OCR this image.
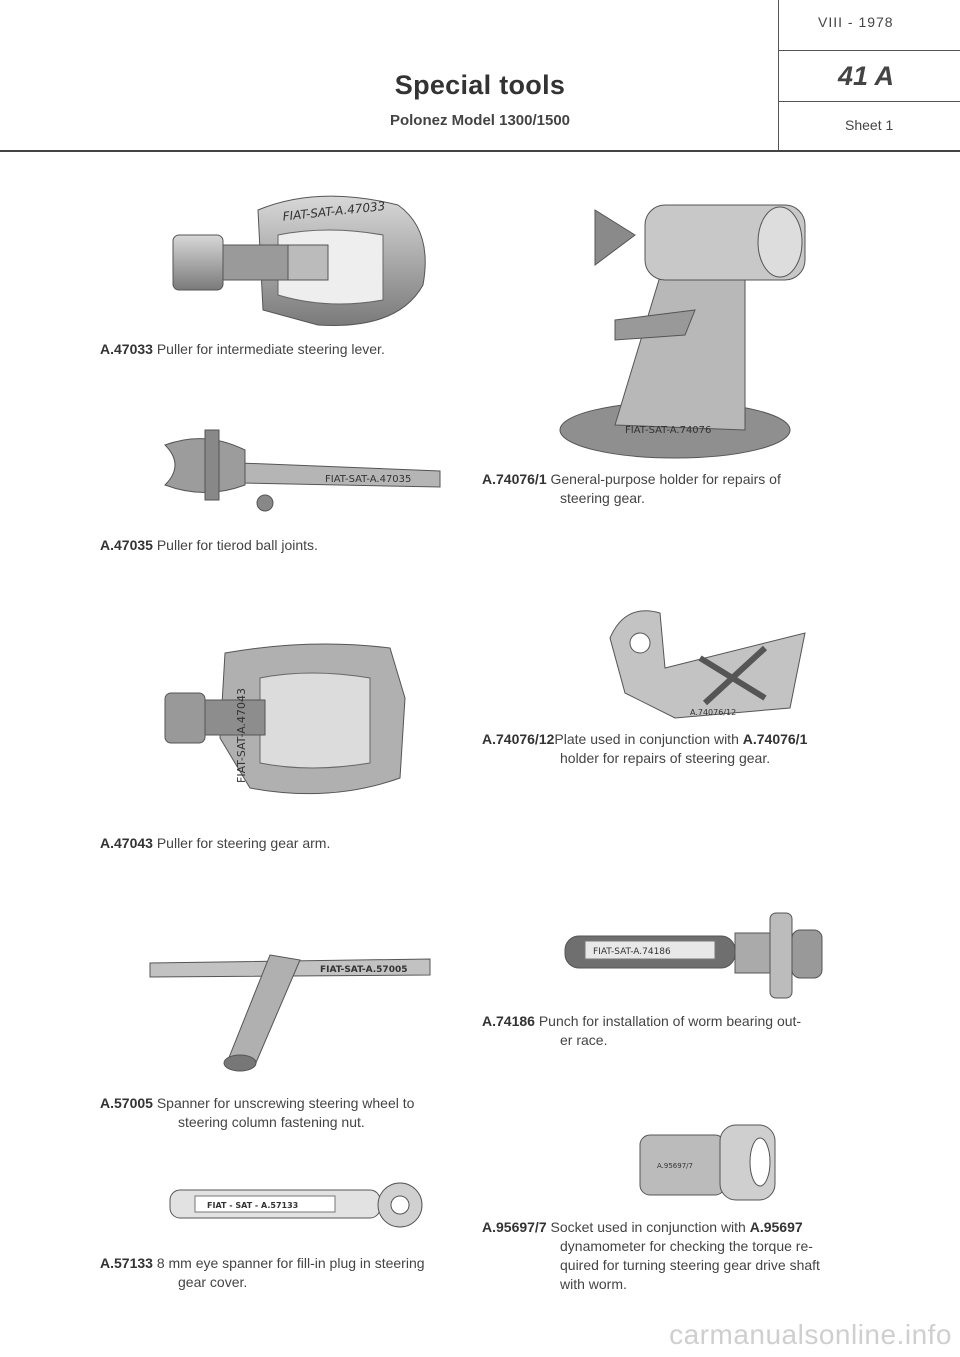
Special tools
Polonez Model 1300/1500
VIII - 1978
41 A
Sheet 1
FIAT-SAT-A.47033
A.47033 Puller for intermediate steering lever.
FIAT-SAT-A.47035
A.47035 Puller for tierod ball joints.
FIAT-SAT-A.47043
A.47043 Puller for steering gear arm.
FIAT-SAT-A.57005
A.57005 Spanner for unscrewing steering wheel to
steering column fastening nut.
FIAT - SAT - A.57133
A.57133 8 mm eye spanner for fill-in plug in steering
gear cover.
FIAT-SAT-A.74076
A.74076/1 General-purpose holder for repairs of
steering gear.
A.74076/12
A.74076/12Plate used in conjunction with A.74076/1
holder for repairs of steering gear.
FIAT-SAT-A.74186
A.74186 Punch for installation of worm bearing out-
er race.
A.95697/7
A.95697/7 Socket used in conjunction with A.95697
dynamometer for checking the torque re-
quired for turning steering gear drive shaft
with worm.
carmanualsonline.info
